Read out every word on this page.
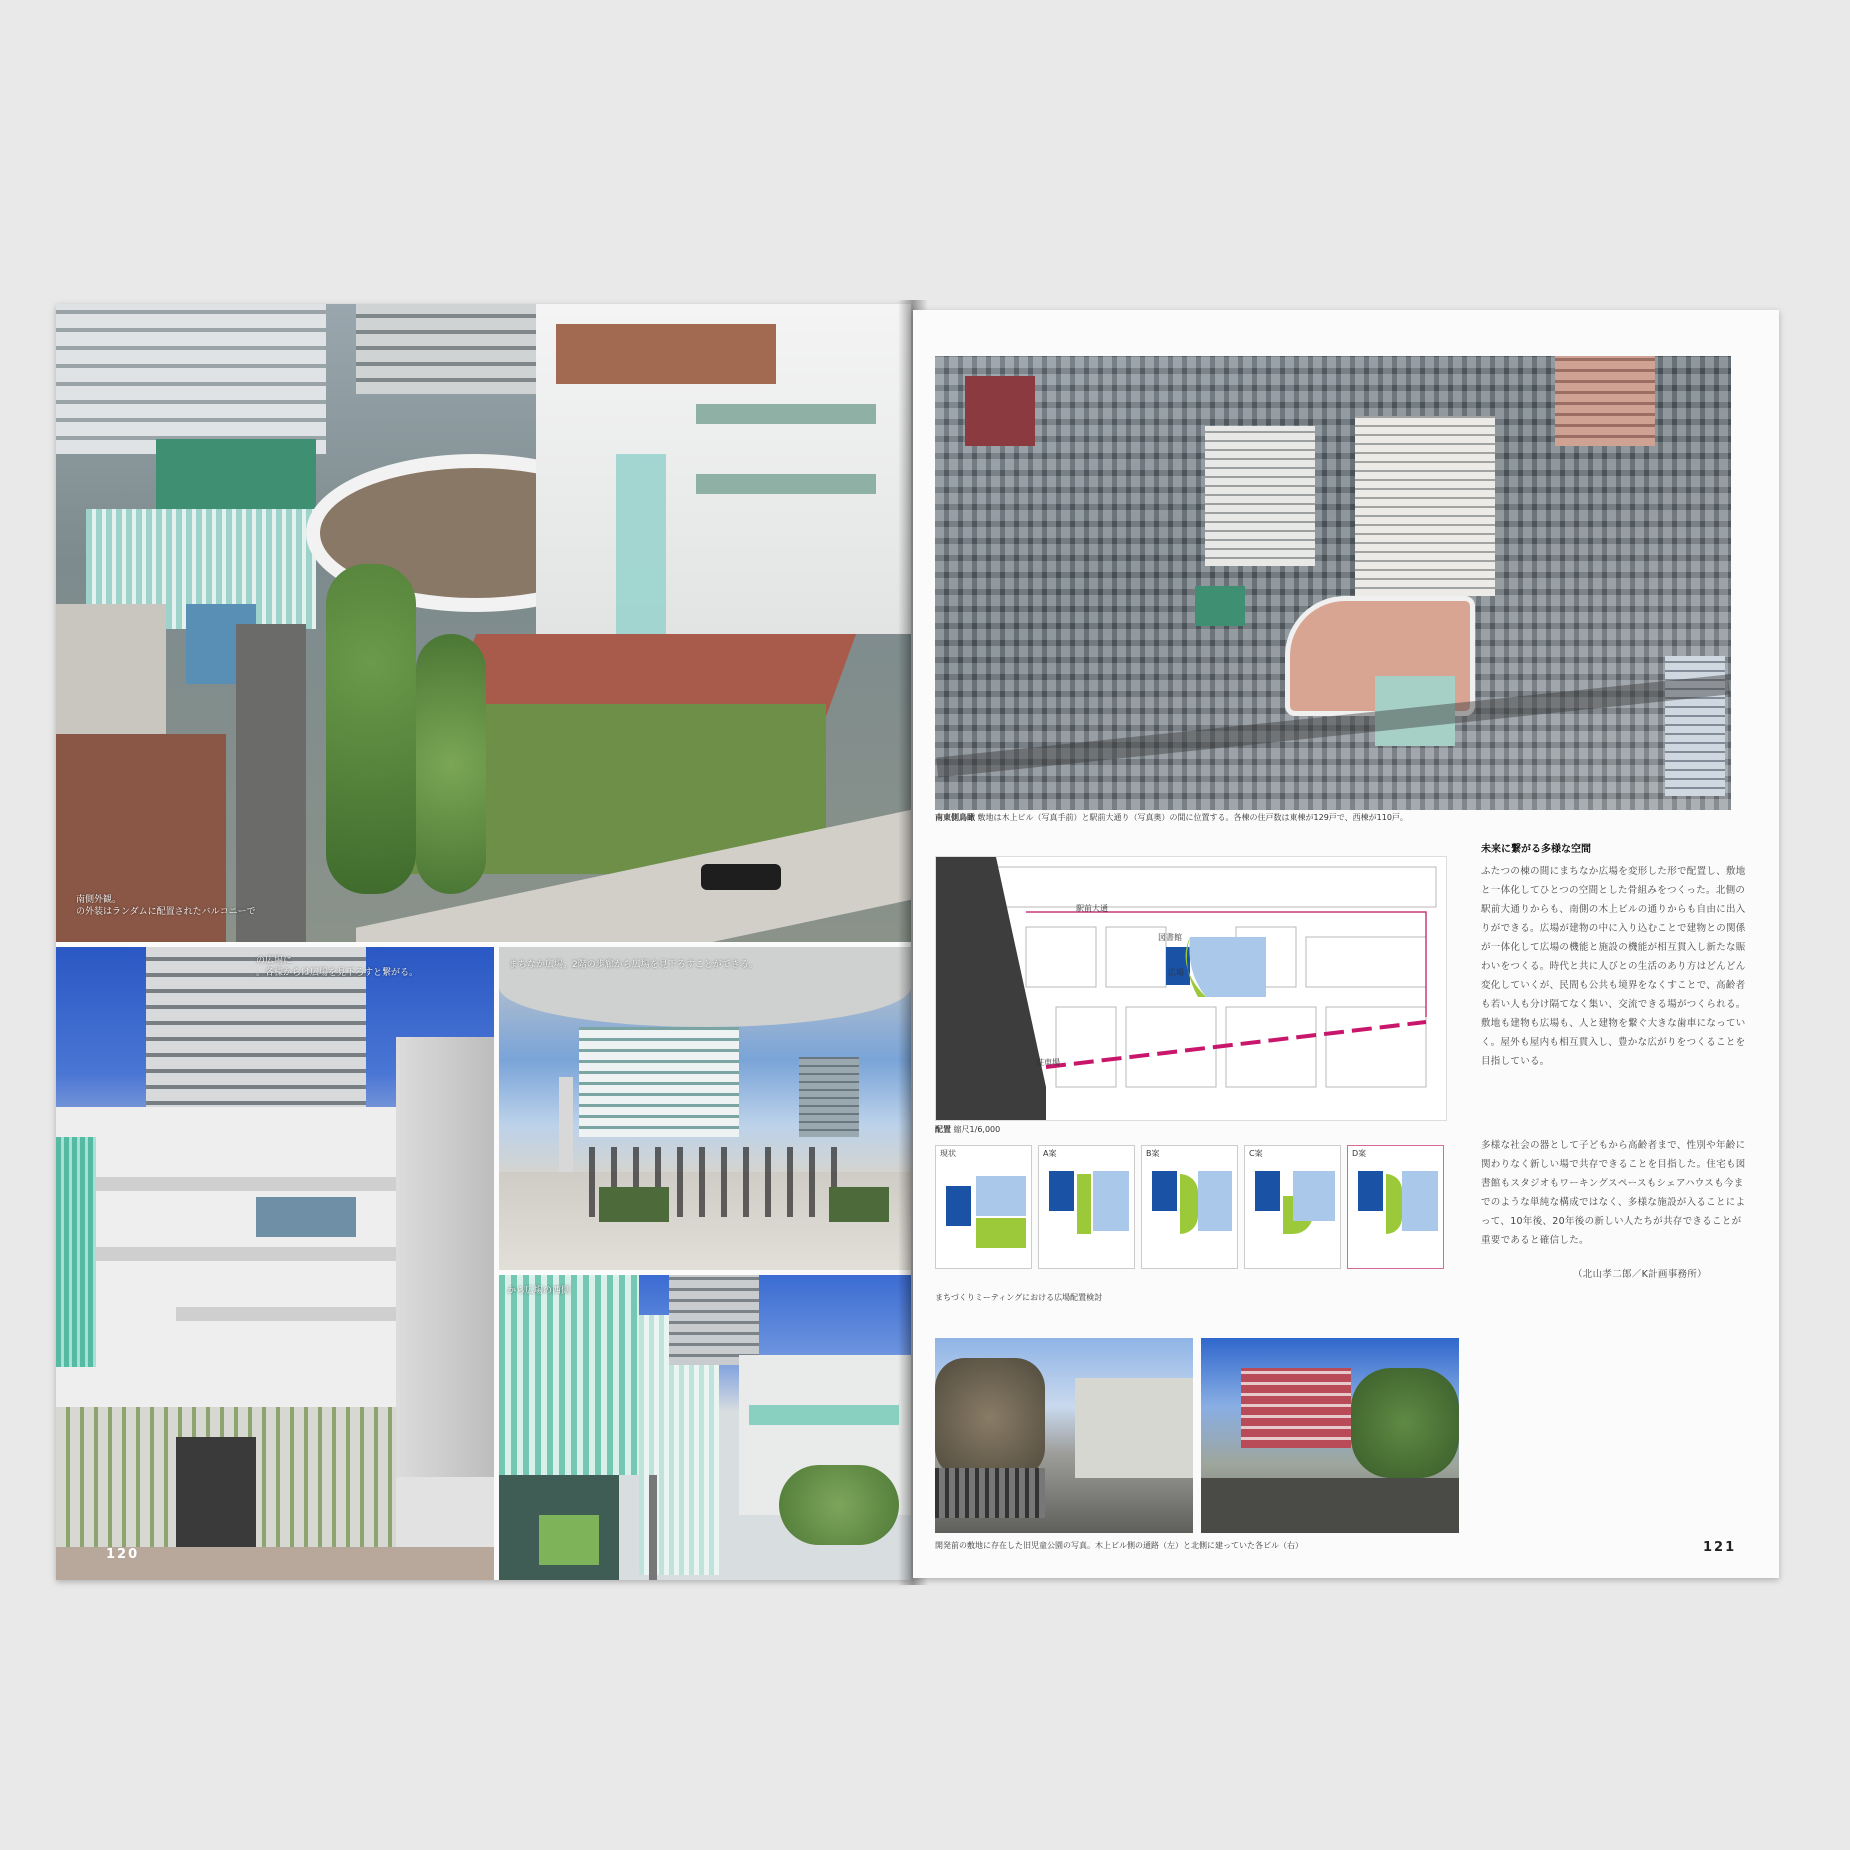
南側外観。
の外装はランダムに配置されたバルコニーで
の広場に
。各棟からは広場を見下ろすと繋がる。
120
まちなか広場。2階の歩廊から広場を見下ろすことができる。
から広場の西側
南東側鳥瞰 敷地は木上ビル（写真手前）と駅前大通り（写真奥）の間に位置する。各棟の住戸数は東棟が129戸で、西棟が110戸。
駅前大通
広場
図書館
駐車場
配置 縮尺1/6,000
現状	A案	B案	C案	D案
まちづくりミーティングにおける広場配置検討
開発前の敷地に存在した旧児童公園の写真。木上ビル側の通路（左）と北側に建っていた各ビル（右）
未来に繋がる多様な空間
ふたつの棟の間にまちなか広場を変形した形で配置し、敷地と一体化してひとつの空間とした骨組みをつくった。北側の駅前大通りからも、南側の木上ビルの通りからも自由に出入りができる。広場が建物の中に入り込むことで建物との関係が一体化して広場の機能と施設の機能が相互貫入し新たな賑わいをつくる。時代と共に人びとの生活のあり方はどんどん変化していくが、民間も公共も境界をなくすことで、高齢者も若い人も分け隔てなく集い、交流できる場がつくられる。敷地も建物も広場も、人と建物を繋ぐ大きな歯車になっていく。屋外も屋内も相互貫入し、豊かな広がりをつくることを目指している。
多様な社会の器として子どもから高齢者まで、性別や年齢に関わりなく新しい場で共存できることを目指した。住宅も図書館もスタジオもワーキングスペースもシェアハウスも今までのような単純な構成ではなく、多様な施設が入ることによって、10年後、20年後の新しい人たちが共存できることが重要であると確信した。
（北山孝二郎／K計画事務所）
121
